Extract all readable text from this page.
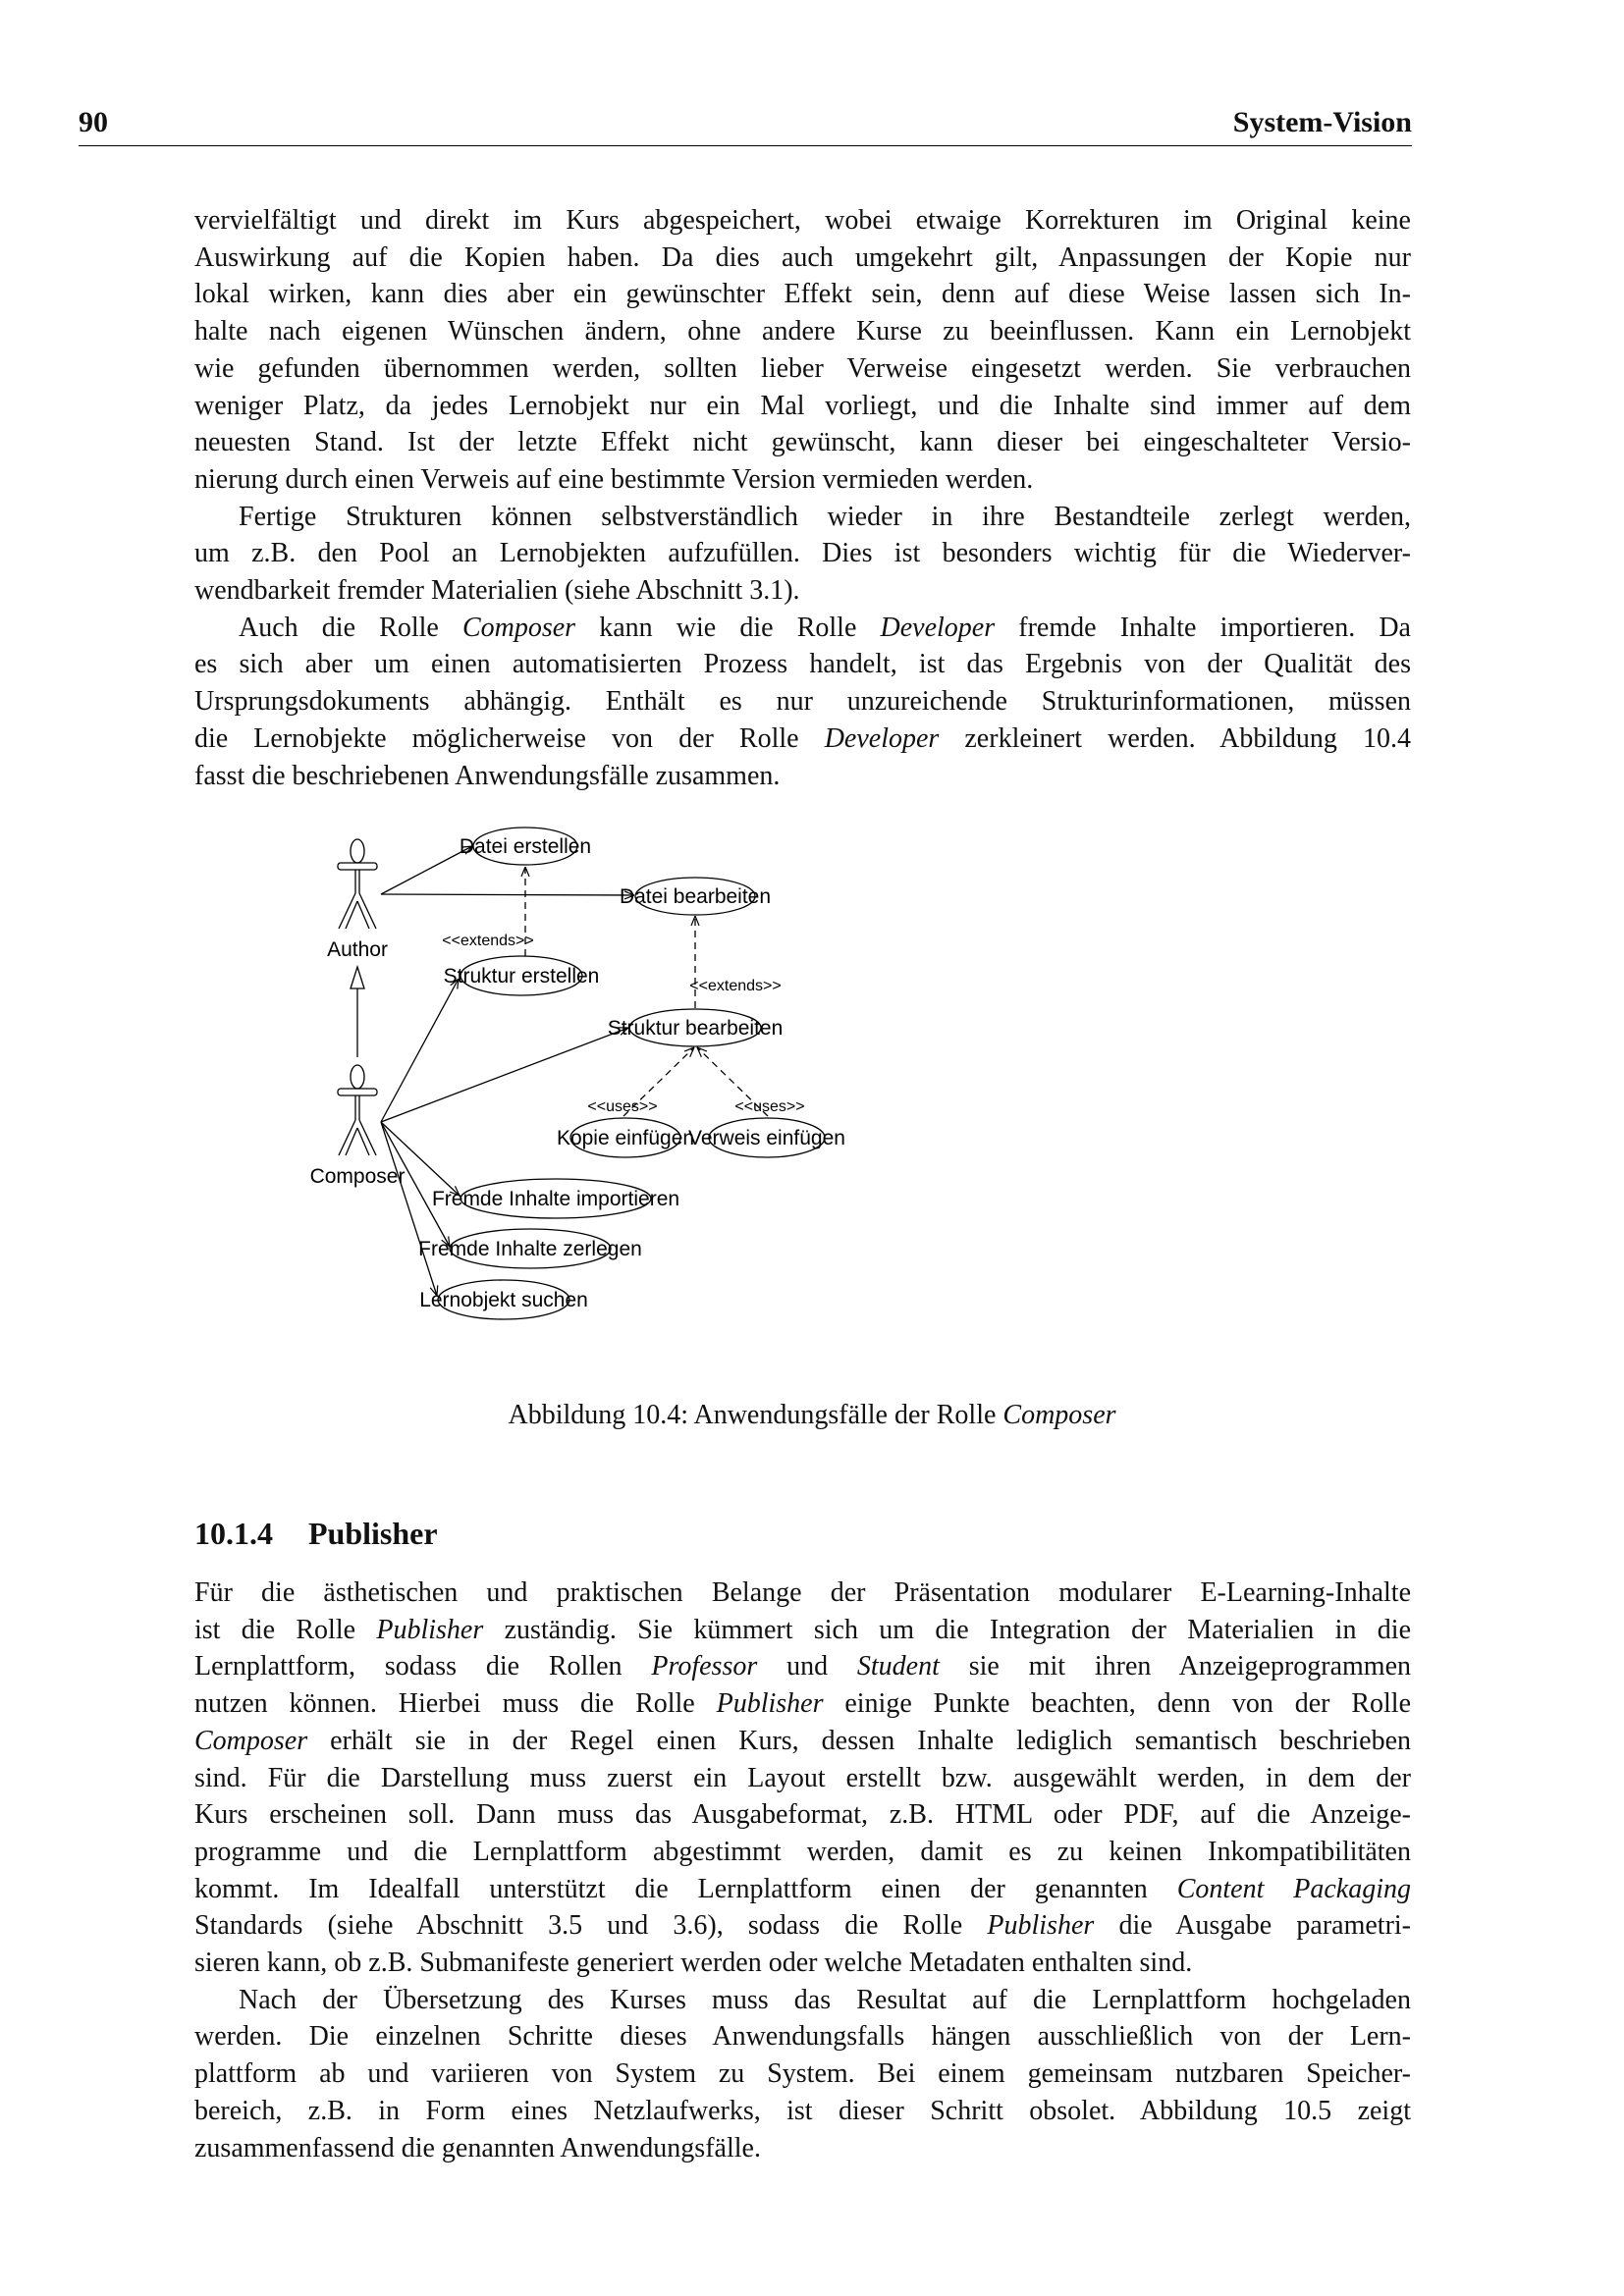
90	System-Vision
vervielfältigt und direkt im Kurs abgespeichert, wobei etwaige Korrekturen im Original keine
Auswirkung auf die Kopien haben. Da dies auch umgekehrt gilt, Anpassungen der Kopie nur
lokal wirken, kann dies aber ein gewünschter Effekt sein, denn auf diese Weise lassen sich In-
halte nach eigenen Wünschen ändern, ohne andere Kurse zu beeinflussen. Kann ein Lernobjekt
wie gefunden übernommen werden, sollten lieber Verweise eingesetzt werden. Sie verbrauchen
weniger Platz, da jedes Lernobjekt nur ein Mal vorliegt, und die Inhalte sind immer auf dem
neuesten Stand. Ist der letzte Effekt nicht gewünscht, kann dieser bei eingeschalteter Versio-
nierung durch einen Verweis auf eine bestimmte Version vermieden werden.
Fertige Strukturen können selbstverständlich wieder in ihre Bestandteile zerlegt werden,
um z.B. den Pool an Lernobjekten aufzufüllen. Dies ist besonders wichtig für die Wiederver-
wendbarkeit fremder Materialien (siehe Abschnitt 3.1).
Auch die Rolle Composer kann wie die Rolle Developer fremde Inhalte importieren. Da
es sich aber um einen automatisierten Prozess handelt, ist das Ergebnis von der Qualität des
Ursprungsdokuments abhängig. Enthält es nur unzureichende Strukturinformationen, müssen
die Lernobjekte möglicherweise von der Rolle Developer zerkleinert werden. Abbildung 10.4
fasst die beschriebenen Anwendungsfälle zusammen.
Author
Composer
Datei erstellen
Datei bearbeiten
Struktur erstellen
Struktur bearbeiten
Kopie einfügen
Verweis einfügen
Fremde Inhalte importieren
Fremde Inhalte zerlegen
Lernobjekt suchen
<<extends>>
<<extends>>
<<uses>>	<<uses>>
Abbildung 10.4: Anwendungsfälle der Rolle Composer
10.1.4 Publisher
Für die ästhetischen und praktischen Belange der Präsentation modularer E-Learning-Inhalte
ist die Rolle Publisher zuständig. Sie kümmert sich um die Integration der Materialien in die
Lernplattform, sodass die Rollen Professor und Student sie mit ihren Anzeigeprogrammen
nutzen können. Hierbei muss die Rolle Publisher einige Punkte beachten, denn von der Rolle
Composer erhält sie in der Regel einen Kurs, dessen Inhalte lediglich semantisch beschrieben
sind. Für die Darstellung muss zuerst ein Layout erstellt bzw. ausgewählt werden, in dem der
Kurs erscheinen soll. Dann muss das Ausgabeformat, z.B. HTML oder PDF, auf die Anzeige-
programme und die Lernplattform abgestimmt werden, damit es zu keinen Inkompatibilitäten
kommt. Im Idealfall unterstützt die Lernplattform einen der genannten Content Packaging
Standards (siehe Abschnitt 3.5 und 3.6), sodass die Rolle Publisher die Ausgabe parametri-
sieren kann, ob z.B. Submanifeste generiert werden oder welche Metadaten enthalten sind.
Nach der Übersetzung des Kurses muss das Resultat auf die Lernplattform hochgeladen
werden. Die einzelnen Schritte dieses Anwendungsfalls hängen ausschließlich von der Lern-
plattform ab und variieren von System zu System. Bei einem gemeinsam nutzbaren Speicher-
bereich, z.B. in Form eines Netzlaufwerks, ist dieser Schritt obsolet. Abbildung 10.5 zeigt
zusammenfassend die genannten Anwendungsfälle.
